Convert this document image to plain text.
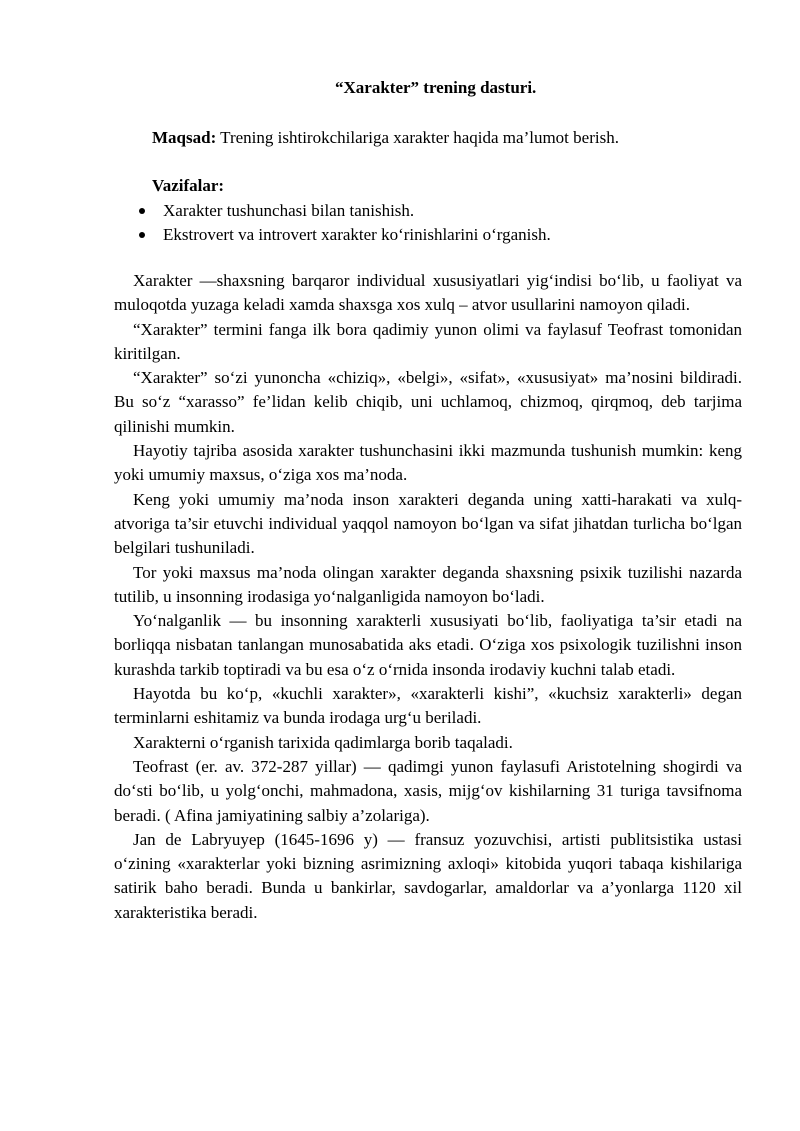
“Xarakter” trening dasturi.
Maqsad: Trening ishtirokchilariga xarakter haqida ma’lumot berish.
Vazifalar:
Xarakter tushunchasi bilan tanishish.
Ekstrovert va introvert xarakter ko‘rinishlarini o‘rganish.

Xarakter —shaxsning barqaror individual xususiyatlari yig‘indisi bo‘lib, u faoliyat va muloqotda yuzaga keladi xamda shaxsga xos xulq – atvor usullarini namoyon qiladi.

“Xarakter” termini fanga ilk bora qadimiy yunon olimi va faylasuf Teofrast tomonidan kiritilgan.

“Xarakter” so‘zi yunoncha «chiziq», «belgi», «sifat», «xususiyat» ma’nosini bildiradi. Bu so‘z “xarasso” fe’lidan kelib chiqib, uni uchlamoq, chizmoq, qirqmoq, deb tarjima qilinishi mumkin.

Hayotiy tajriba asosida xarakter tushunchasini ikki mazmunda tushunish mumkin: keng yoki umumiy maxsus, o‘ziga xos ma’noda.

Keng yoki umumiy ma’noda inson xarakteri deganda uning xatti-harakati va xulq-atvoriga ta’sir etuvchi individual yaqqol namoyon bo‘lgan va sifat jihatdan turlicha bo‘lgan belgilari tushuniladi.

Tor yoki maxsus ma’noda olingan xarakter deganda shaxsning psixik tuzilishi nazarda tutilib, u insonning irodasiga yo‘nalganligida namoyon bo‘ladi.

Yo‘nalganlik — bu insonning xarakterli xususiyati bo‘lib, faoliyatiga ta’sir etadi na borliqqa nisbatan tanlangan munosabatida aks etadi. O‘ziga xos psixologik tuzilishni inson kurashda tarkib toptiradi va bu esa o‘z o‘rnida insonda irodaviy kuchni talab etadi.

Hayotda bu ko‘p, «kuchli xarakter», «xarakterli kishi”, «kuchsiz xarakterli» degan terminlarni eshitamiz va bunda irodaga urg‘u beriladi.

Xarakterni o‘rganish tarixida qadimlarga borib taqaladi.

Teofrast (er. av. 372-287 yillar) — qadimgi yunon faylasufi Aristotelning shogirdi va do‘sti bo‘lib, u yolg‘onchi, mahmadona, xasis, mijg‘ov kishilarning 31 turiga tavsifnoma beradi. ( Afina jamiyatining salbiy a’zolariga).

Jan de Labryuyep (1645-1696 y) — fransuz yozuvchisi, artisti publitsistika ustasi o‘zining «xarakterlar yoki bizning asrimizning axloqi» kitobida yuqori tabaqa kishilariga satirik baho beradi. Bunda u bankirlar, savdogarlar, amaldorlar va a’yonlarga 1120 xil xarakteristika beradi.
